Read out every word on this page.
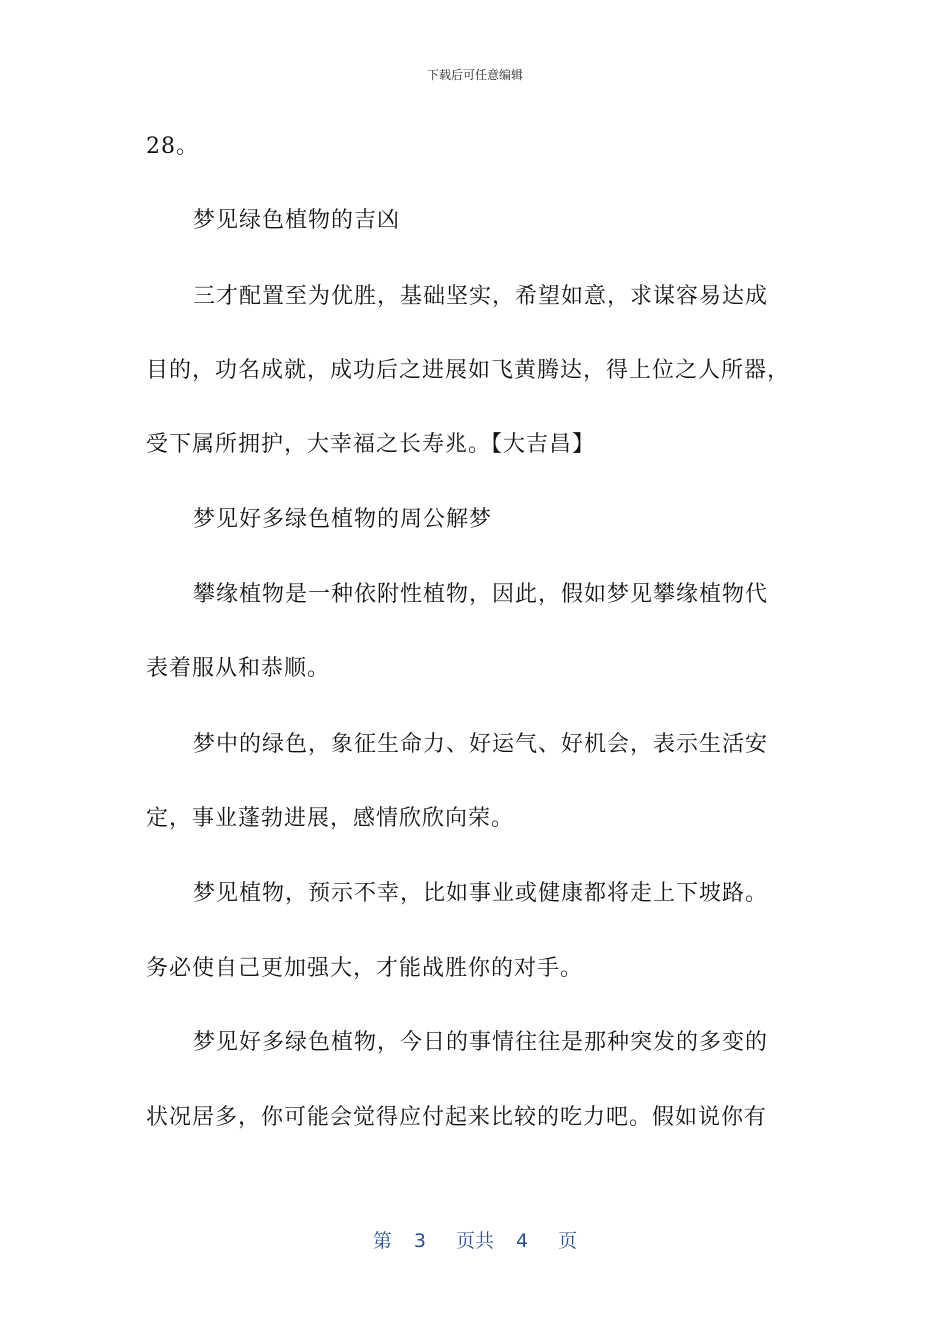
下载后可任意编辑
28。
梦见绿色植物的吉凶
三才配置至为优胜，基础坚实，希望如意，求谋容易达成
目的，功名成就，成功后之进展如飞黄腾达，得上位之人所器，
受下属所拥护，大幸福之长寿兆。【大吉昌】
梦见好多绿色植物的周公解梦
攀缘植物是一种依附性植物，因此，假如梦见攀缘植物代
表着服从和恭顺。
梦中的绿色，象征生命力、好运气、好机会，表示生活安
定，事业蓬勃进展，感情欣欣向荣。
梦见植物，预示不幸，比如事业或健康都将走上下坡路。
务必使自己更加强大，才能战胜你的对手。
梦见好多绿色植物，今日的事情往往是那种突发的多变的
状况居多，你可能会觉得应付起来比较的吃力吧。假如说你有
第 3 页共 4 页
